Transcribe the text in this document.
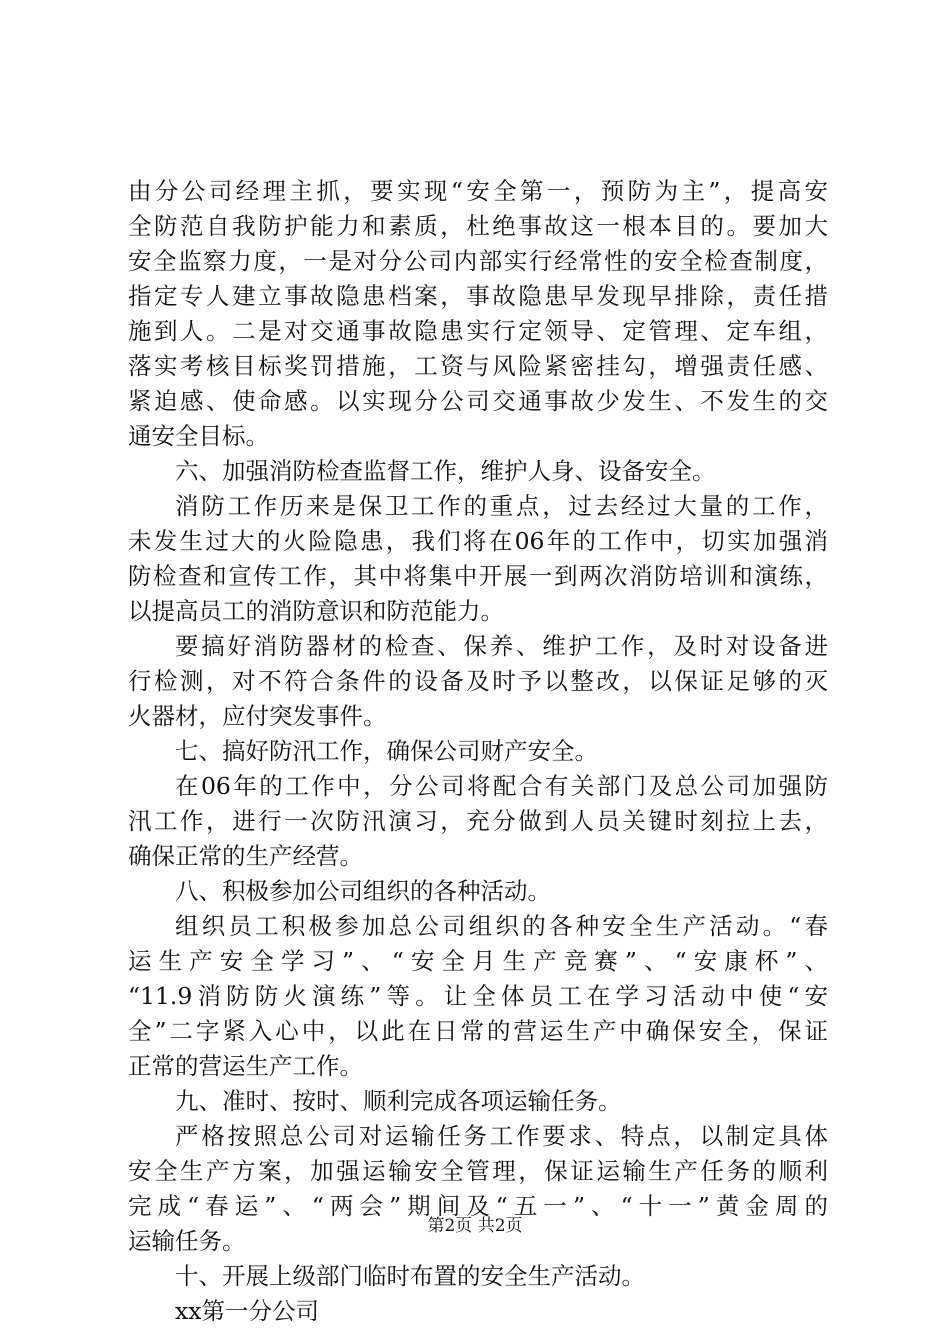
由分公司经理主抓，要实现“安全第一，预防为主”，提高安
全防范自我防护能力和素质，杜绝事故这一根本目的。要加大
安全监察力度，一是对分公司内部实行经常性的安全检查制度，
指定专人建立事故隐患档案，事故隐患早发现早排除，责任措
施到人。二是对交通事故隐患实行定领导、定管理、定车组，
落实考核目标奖罚措施，工资与风险紧密挂勾，增强责任感、
紧迫感、使命感。以实现分公司交通事故少发生、不发生的交
通安全目标。
六、加强消防检查监督工作，维护人身、设备安全。
消防工作历来是保卫工作的重点，过去经过大量的工作，
未发生过大的火险隐患，我们将在06年的工作中，切实加强消
防检查和宣传工作，其中将集中开展一到两次消防培训和演练，
以提高员工的消防意识和防范能力。
要搞好消防器材的检查、保养、维护工作，及时对设备进
行检测，对不符合条件的设备及时予以整改，以保证足够的灭
火器材，应付突发事件。
七、搞好防汛工作，确保公司财产安全。
在06年的工作中，分公司将配合有关部门及总公司加强防
汛工作，进行一次防汛演习，充分做到人员关键时刻拉上去，
确保正常的生产经营。
八、积极参加公司组织的各种活动。
组织员工积极参加总公司组织的各种安全生产活动。“春
运生产安全学习”、“安全月生产竞赛”、“安康杯”、
“11.9消防防火演练”等。让全体员工在学习活动中使“安
全”二字紧入心中，以此在日常的营运生产中确保安全，保证
正常的营运生产工作。
九、准时、按时、顺利完成各项运输任务。
严格按照总公司对运输任务工作要求、特点，以制定具体
安全生产方案，加强运输安全管理，保证运输生产任务的顺利
完成“春运”、“两会”期间及“五一”、“十一”黄金周的
运输任务。
十、开展上级部门临时布置的安全生产活动。
xx第一分公司
第2页 共2页
